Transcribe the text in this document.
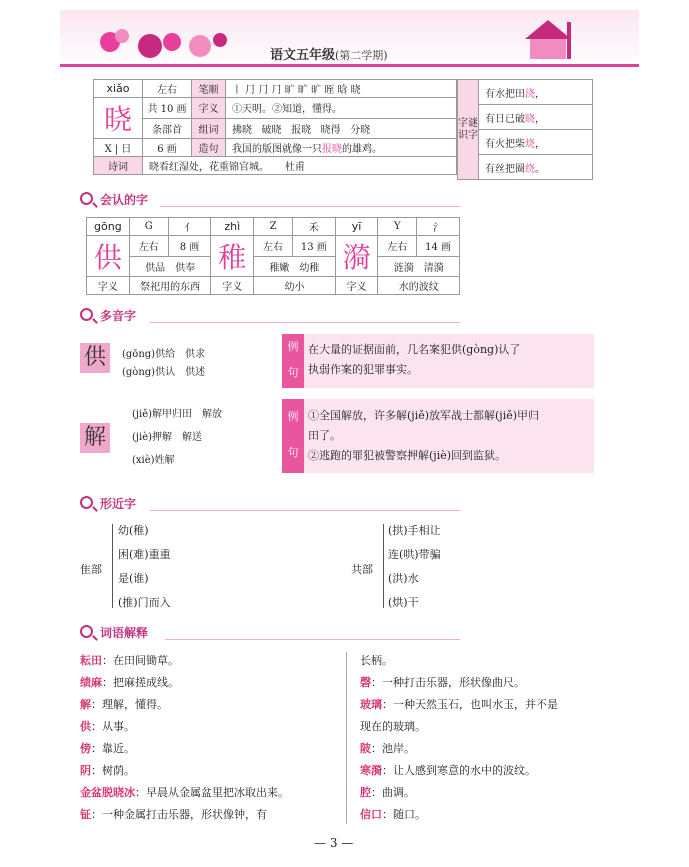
语文五年级(第二学期)
xiǎo	左右	笔顺	丨 ⺆ ⺆ ⺆ 旷 旷 旷 晊 晗 晓
晓	共 10 画	字义	①天明。②知道，懂得。
	条部首	组词	拂晓 破晓 报晓 晓得 分晓
X | 日	6 画	造句	我国的版图就像一只报晓的雄鸡。
诗词	晓看红湿处，花重锦官城。 杜甫		
字谜识字	有水把田浇，
有日已破晓，
有火把柴烧，
有丝把圈绕。
有水把田浇，有日已破晓，有火把柴烧，有丝把圈绕。 浇晓烧绕 日 部日 部部首日 部日部
会认的字
gōng	G	亻	zhì	Z	禾	yī	Y	氵
供	左右	8 画	稚	左右	13 画	漪	左右	14 画
	供品　供奉			稚嫩　幼稚			涟漪　清漪	
字义	祭祀用的东西		字义	幼小		字义	水的波纹	
多音字
供	(gōng)供给　供求
(gòng)供认　供述
例
句
在大量的证据面前，几名案犯供(gòng)认了
执弱作案的犯罪事实。
解
(jiě)解甲归田　解放
(jiè)押解　解送
(xiè)姓解
例
句
①全国解放，许多解(jiě)放军战士都解(jiě)甲归
田了。
②逃跑的罪犯被警察押解(jiè)回到监狱。
形近字
隹部
幼(稚)
困(难)重重
是(谁)
(推)门而入
共部
(拱)手相让
连(哄)带骗
(洪)水
(烘)干
词语解释
耘田：在田间锄草。
绩麻：把麻搓成线。
解：理解，懂得。
供：从事。
傍：靠近。
阴：树荫。
金盆脱晓冰：早晨从金属盆里把冰取出来。
钲：一种金属打击乐器，形状像钟，有
长柄。
磬：一种打击乐器，形状像曲尺。
玻璃：一种天然玉石，也叫水玉，并不是
现在的玻璃。
陂：池岸。
寒漪：让人感到寒意的水中的波纹。
腔：曲调。
信口：随口。
— 3 —
